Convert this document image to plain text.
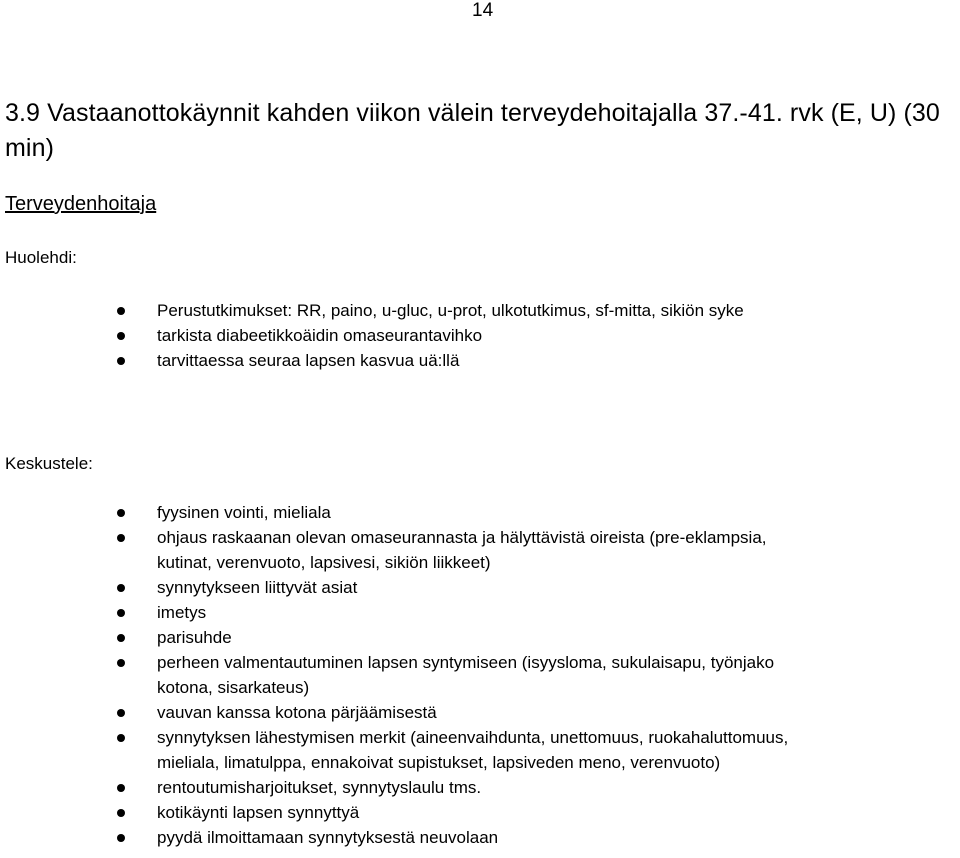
14
3.9 Vastaanottokäynnit kahden viikon välein terveydehoitajalla 37.-41. rvk (E, U) (30 min)
Terveydenhoitaja
Huolehdi:
Perustutkimukset: RR, paino, u-gluc, u-prot, ulkotutkimus, sf-mitta, sikiön syke
tarkista diabeetikkoäidin omaseurantavihko
tarvittaessa seuraa lapsen kasvua uä:llä
Keskustele:
fyysinen vointi, mieliala
ohjaus raskaanan olevan omaseurannasta ja hälyttävistä oireista (pre-eklampsia,
kutinat, verenvuoto, lapsivesi, sikiön liikkeet)
synnytykseen liittyvät asiat
imetys
parisuhde
perheen valmentautuminen lapsen syntymiseen (isyysloma, sukulaisapu, työnjako
kotona, sisarkateus)
vauvan kanssa kotona pärjäämisestä
synnytyksen lähestymisen merkit (aineenvaihdunta, unettomuus, ruokahaluttomuus,
mieliala, limatulppa, ennakoivat supistukset, lapsiveden meno, verenvuoto)
rentoutumisharjoitukset, synnytyslaulu tms.
kotikäynti lapsen synnyttyä
pyydä ilmoittamaan synnytyksestä neuvolaan
